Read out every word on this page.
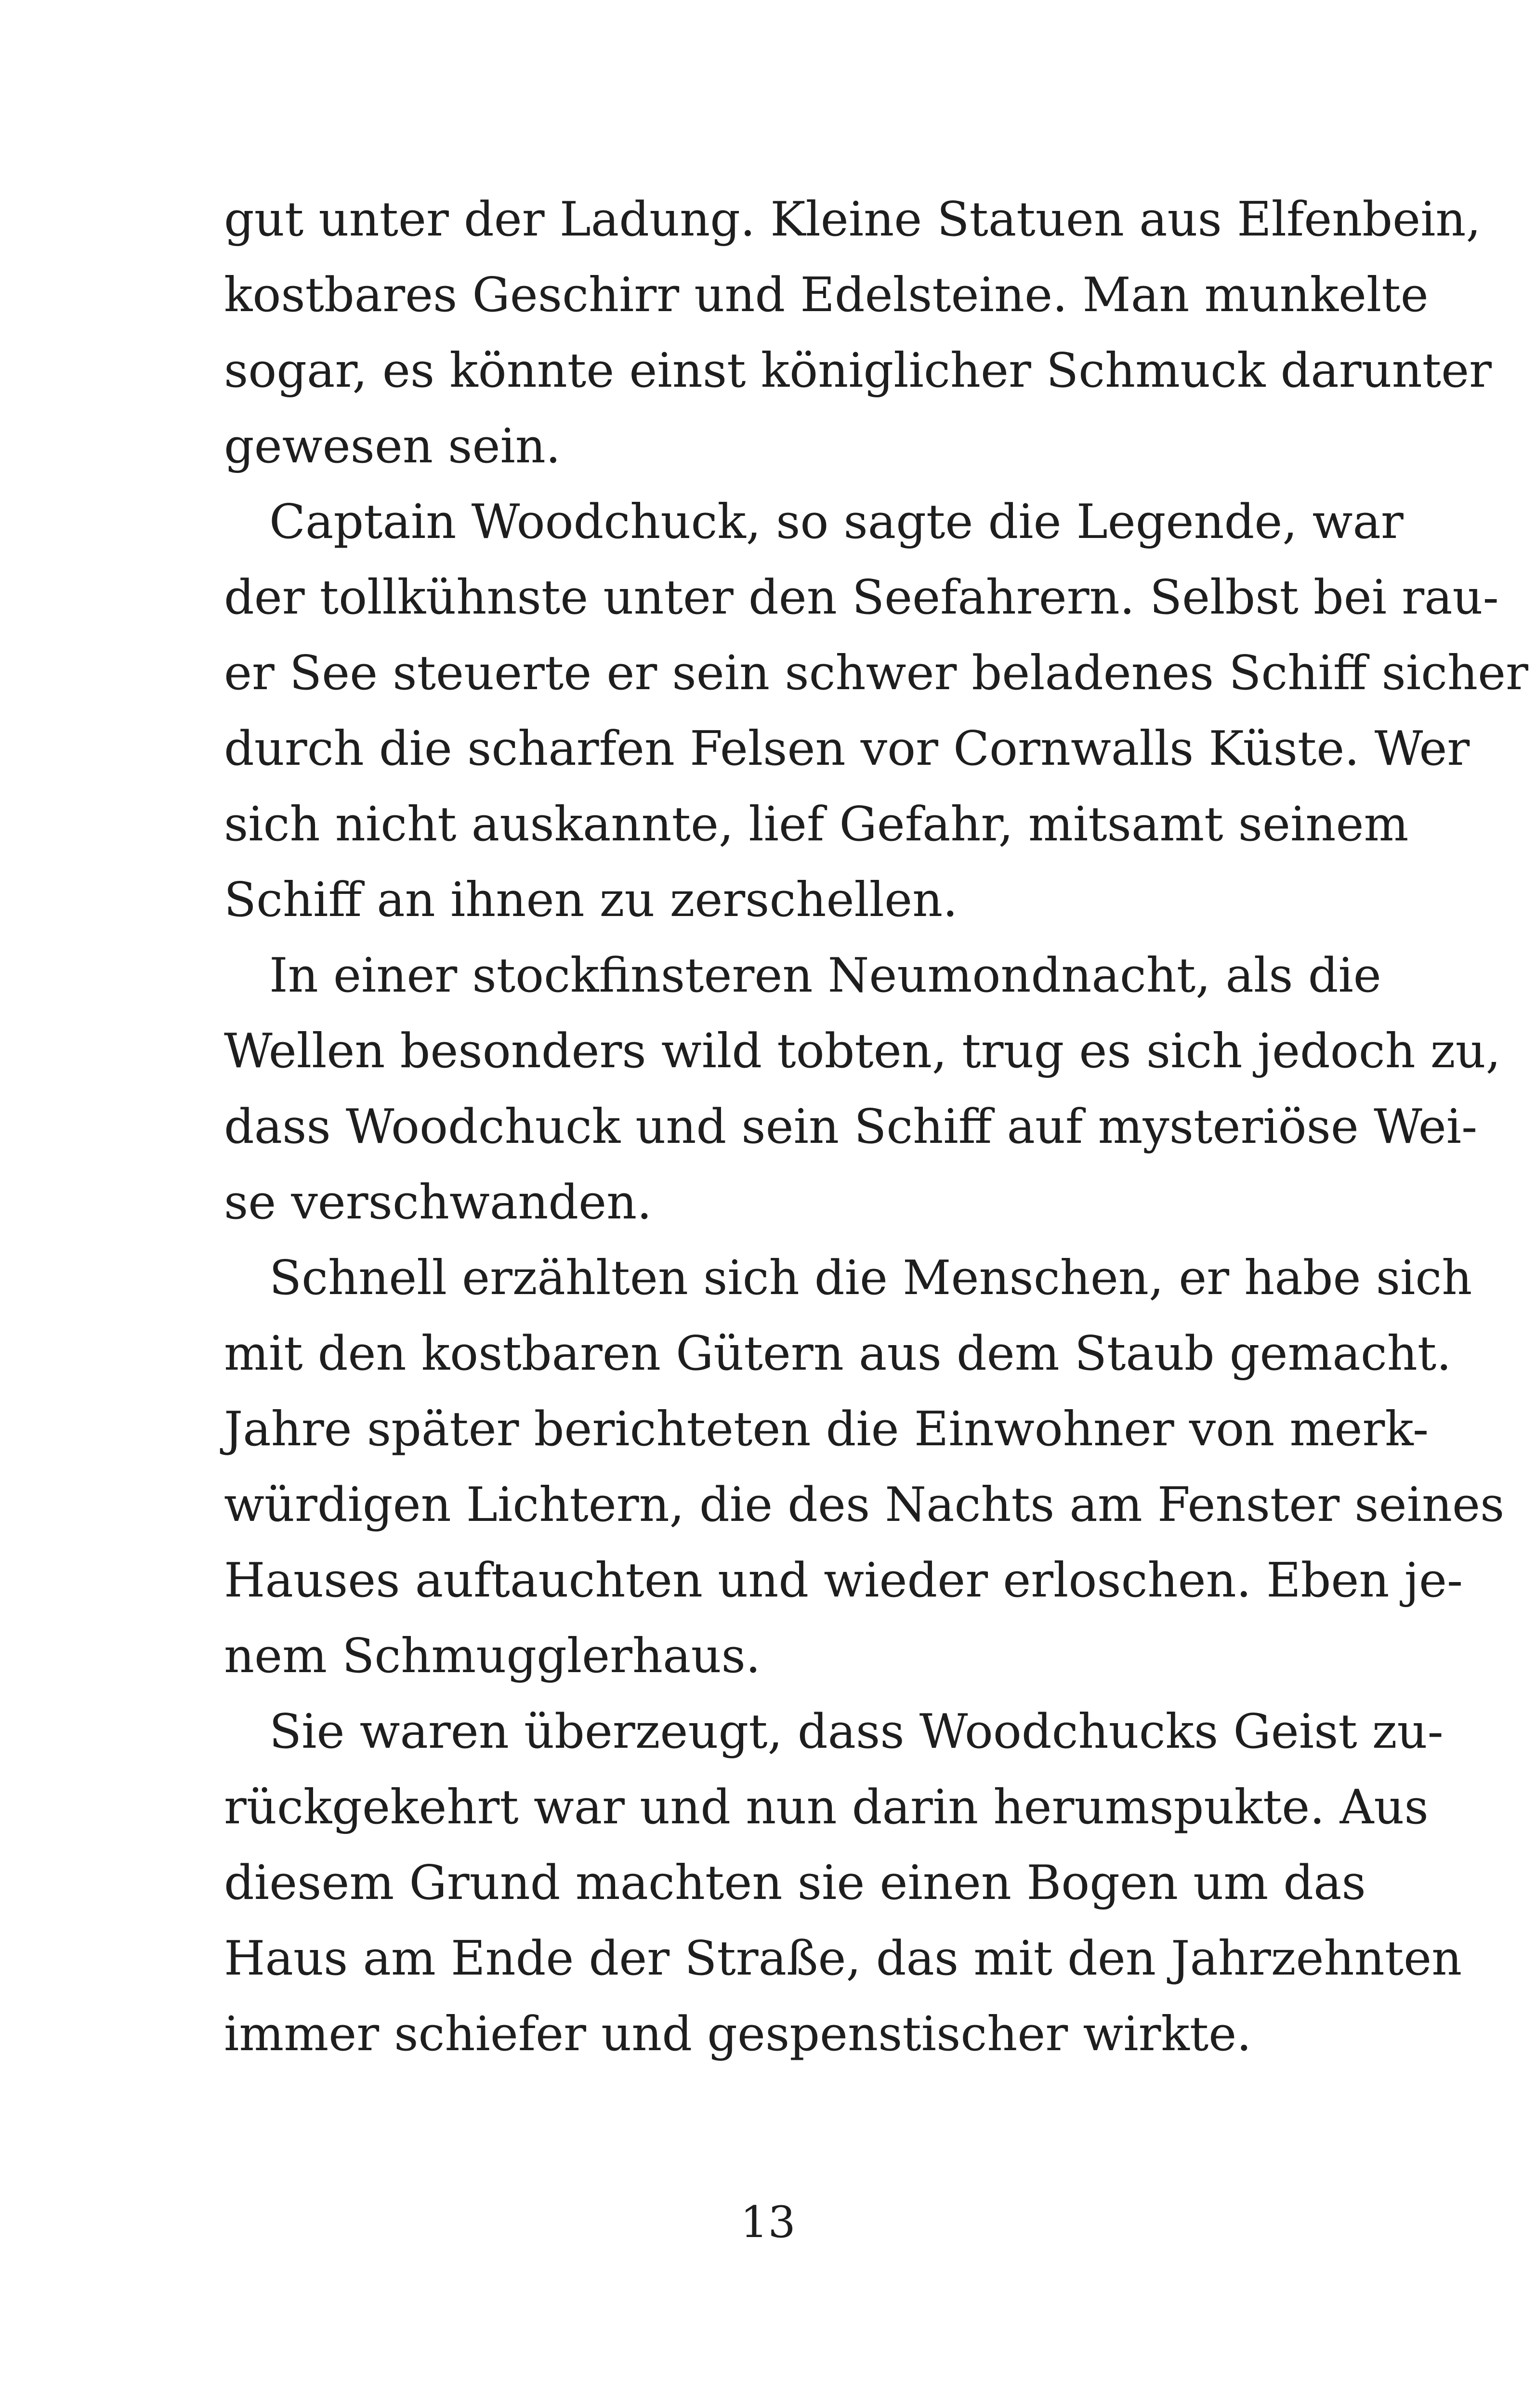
gut unter der Ladung. Kleine Statuen aus Elfenbein,
kostbares Geschirr und Edelsteine. Man munkelte
sogar, es könnte einst königlicher Schmuck darunter
gewesen sein.

Captain Woodchuck, so sagte die Legende, war
der tollkühnste unter den Seefahrern. Selbst bei rau-
er See steuerte er sein schwer beladenes Schiff sicher
durch die scharfen Felsen vor Cornwalls Küste. Wer
sich nicht auskannte, lief Gefahr, mitsamt seinem
Schiff an ihnen zu zerschellen.

In einer stockfinsteren Neumondnacht, als die
Wellen besonders wild tobten, trug es sich jedoch zu,
dass Woodchuck und sein Schiff auf mysteriöse Wei-
se verschwanden.

Schnell erzählten sich die Menschen, er habe sich
mit den kostbaren Gütern aus dem Staub gemacht.
Jahre später berichteten die Einwohner von merk-
würdigen Lichtern, die des Nachts am Fenster seines
Hauses auftauchten und wieder erloschen. Eben je-
nem Schmugglerhaus.

Sie waren überzeugt, dass Woodchucks Geist zu-
rückgekehrt war und nun darin herumspukte. Aus
diesem Grund machten sie einen Bogen um das
Haus am Ende der Straße, das mit den Jahrzehnten
immer schiefer und gespenstischer wirkte.

13
